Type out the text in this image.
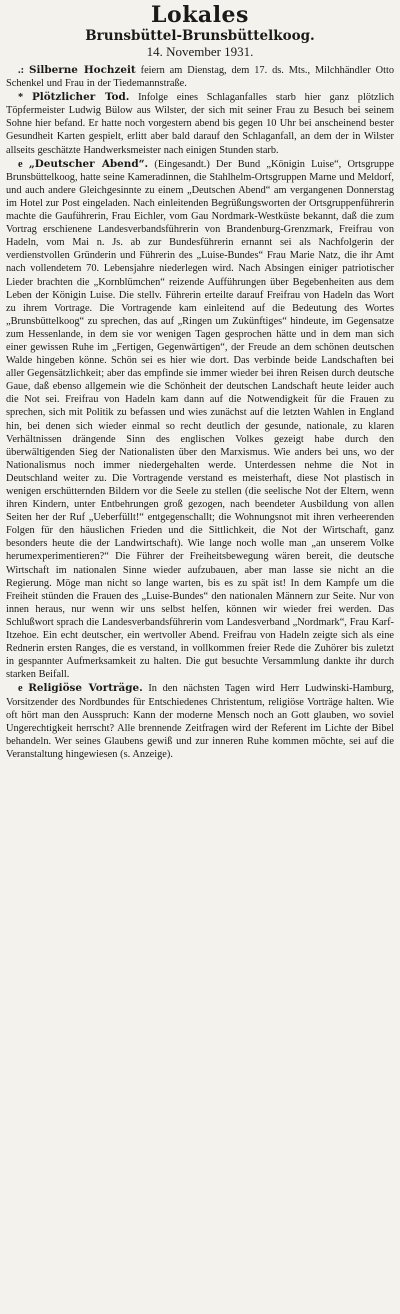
Lokales
Brunsbüttel-Brunsbüttelkoog.
14. November 1931.

.: Silberne Hochzeit feiern am Dienstag, dem 17. ds. Mts., Milchhändler Otto Schenkel und Frau in der Tiedemannstraße.

* Plötzlicher Tod. Infolge eines Schlaganfalles starb hier ganz plötzlich Töpfermeister Ludwig Bülow aus Wilster, der sich mit seiner Frau zu Besuch bei seinem Sohne hier befand. Er hatte noch vorgestern abend bis gegen 10 Uhr bei anscheinend bester Gesundheit Karten gespielt, erlitt aber bald darauf den Schlaganfall, an dem der in Wilster allseits geschätzte Handwerksmeister nach einigen Stunden starb.

e „Deutscher Abend“. (Eingesandt.) Der Bund „Königin Luise“, Ortsgruppe Brunsbüttelkoog, hatte seine Kameradinnen, die Stahlhelm-Ortsgruppen Marne und Meldorf, und auch andere Gleichgesinnte zu einem „Deutschen Abend“ am vergangenen Donnerstag im Hotel zur Post eingeladen. Nach einleitenden Begrüßungsworten der Ortsgruppenführerin machte die Gauführerin, Frau Eichler, vom Gau Nordmark-Westküste bekannt, daß die zum Vortrag erschienene Landesverbandsführerin von Brandenburg-Grenzmark, Freifrau von Hadeln, vom Mai n. Js. ab zur Bundesführerin ernannt sei als Nachfolgerin der verdienstvollen Gründerin und Führerin des „Luise-Bundes“ Frau Marie Natz, die ihr Amt nach vollendetem 70. Lebensjahre niederlegen wird. Nach Absingen einiger patriotischer Lieder brachten die „Kornblümchen“ reizende Aufführungen über Begebenheiten aus dem Leben der Königin Luise. Die stellv. Führerin erteilte darauf Freifrau von Hadeln das Wort zu ihrem Vortrage. Die Vortragende kam einleitend auf die Bedeutung des Wortes „Brunsbüttelkoog“ zu sprechen, das auf „Ringen um Zukünftiges“ hindeute, im Gegensatze zum Hessenlande, in dem sie vor wenigen Tagen gesprochen hätte und in dem man sich einer gewissen Ruhe im „Fertigen, Gegenwärtigen“, der Freude an dem schönen deutschen Walde hingeben könne. Schön sei es hier wie dort. Das verbinde beide Landschaften bei aller Gegensätzlichkeit; aber das empfinde sie immer wieder bei ihren Reisen durch deutsche Gaue, daß ebenso allgemein wie die Schönheit der deutschen Landschaft heute leider auch die Not sei. Freifrau von Hadeln kam dann auf die Notwendigkeit für die Frauen zu sprechen, sich mit Politik zu befassen und wies zunächst auf die letzten Wahlen in England hin, bei denen sich wieder einmal so recht deutlich der gesunde, nationale, zu klaren Verhältnissen drängende Sinn des englischen Volkes gezeigt habe durch den überwältigenden Sieg der Nationalisten über den Marxismus. Wie anders bei uns, wo der Nationalismus noch immer niedergehalten werde. Unterdessen nehme die Not in Deutschland weiter zu. Die Vortragende verstand es meisterhaft, diese Not plastisch in wenigen erschütternden Bildern vor die Seele zu stellen (die seelische Not der Eltern, wenn ihren Kindern, unter Entbehrungen groß gezogen, nach beendeter Ausbildung von allen Seiten her der Ruf „Ueberfüllt!“ entgegenschallt; die Wohnungsnot mit ihren verheerenden Folgen für den häuslichen Frieden und die Sittlichkeit, die Not der Wirtschaft, ganz besonders heute die der Landwirtschaft). Wie lange noch wolle man „an unserem Volke herumexperimentieren?“ Die Führer der Freiheitsbewegung wären bereit, die deutsche Wirtschaft im nationalen Sinne wieder aufzubauen, aber man lasse sie nicht an die Regierung. Möge man nicht so lange warten, bis es zu spät ist! In dem Kampfe um die Freiheit stünden die Frauen des „Luise-Bundes“ den nationalen Männern zur Seite. Nur von innen heraus, nur wenn wir uns selbst helfen, können wir wieder frei werden. Das Schlußwort sprach die Landesverbandsführerin vom Landesverband „Nordmark“, Frau Karf-Itzehoe. Ein echt deutscher, ein wertvoller Abend. Freifrau von Hadeln zeigte sich als eine Rednerin ersten Ranges, die es verstand, in vollkommen freier Rede die Zuhörer bis zuletzt in gespannter Aufmerksamkeit zu halten. Die gut besuchte Versammlung dankte ihr durch starken Beifall.

e Religiöse Vorträge. In den nächsten Tagen wird Herr Ludwinski-Hamburg, Vorsitzender des Nordbundes für Entschiedenes Christentum, religiöse Vorträge halten. Wie oft hört man den Ausspruch: Kann der moderne Mensch noch an Gott glauben, wo soviel Ungerechtigkeit herrscht? Alle brennende Zeitfragen wird der Referent im Lichte der Bibel behandeln. Wer seines Glaubens gewiß und zur inneren Ruhe kommen möchte, sei auf die Veranstaltung hingewiesen (s. Anzeige).
